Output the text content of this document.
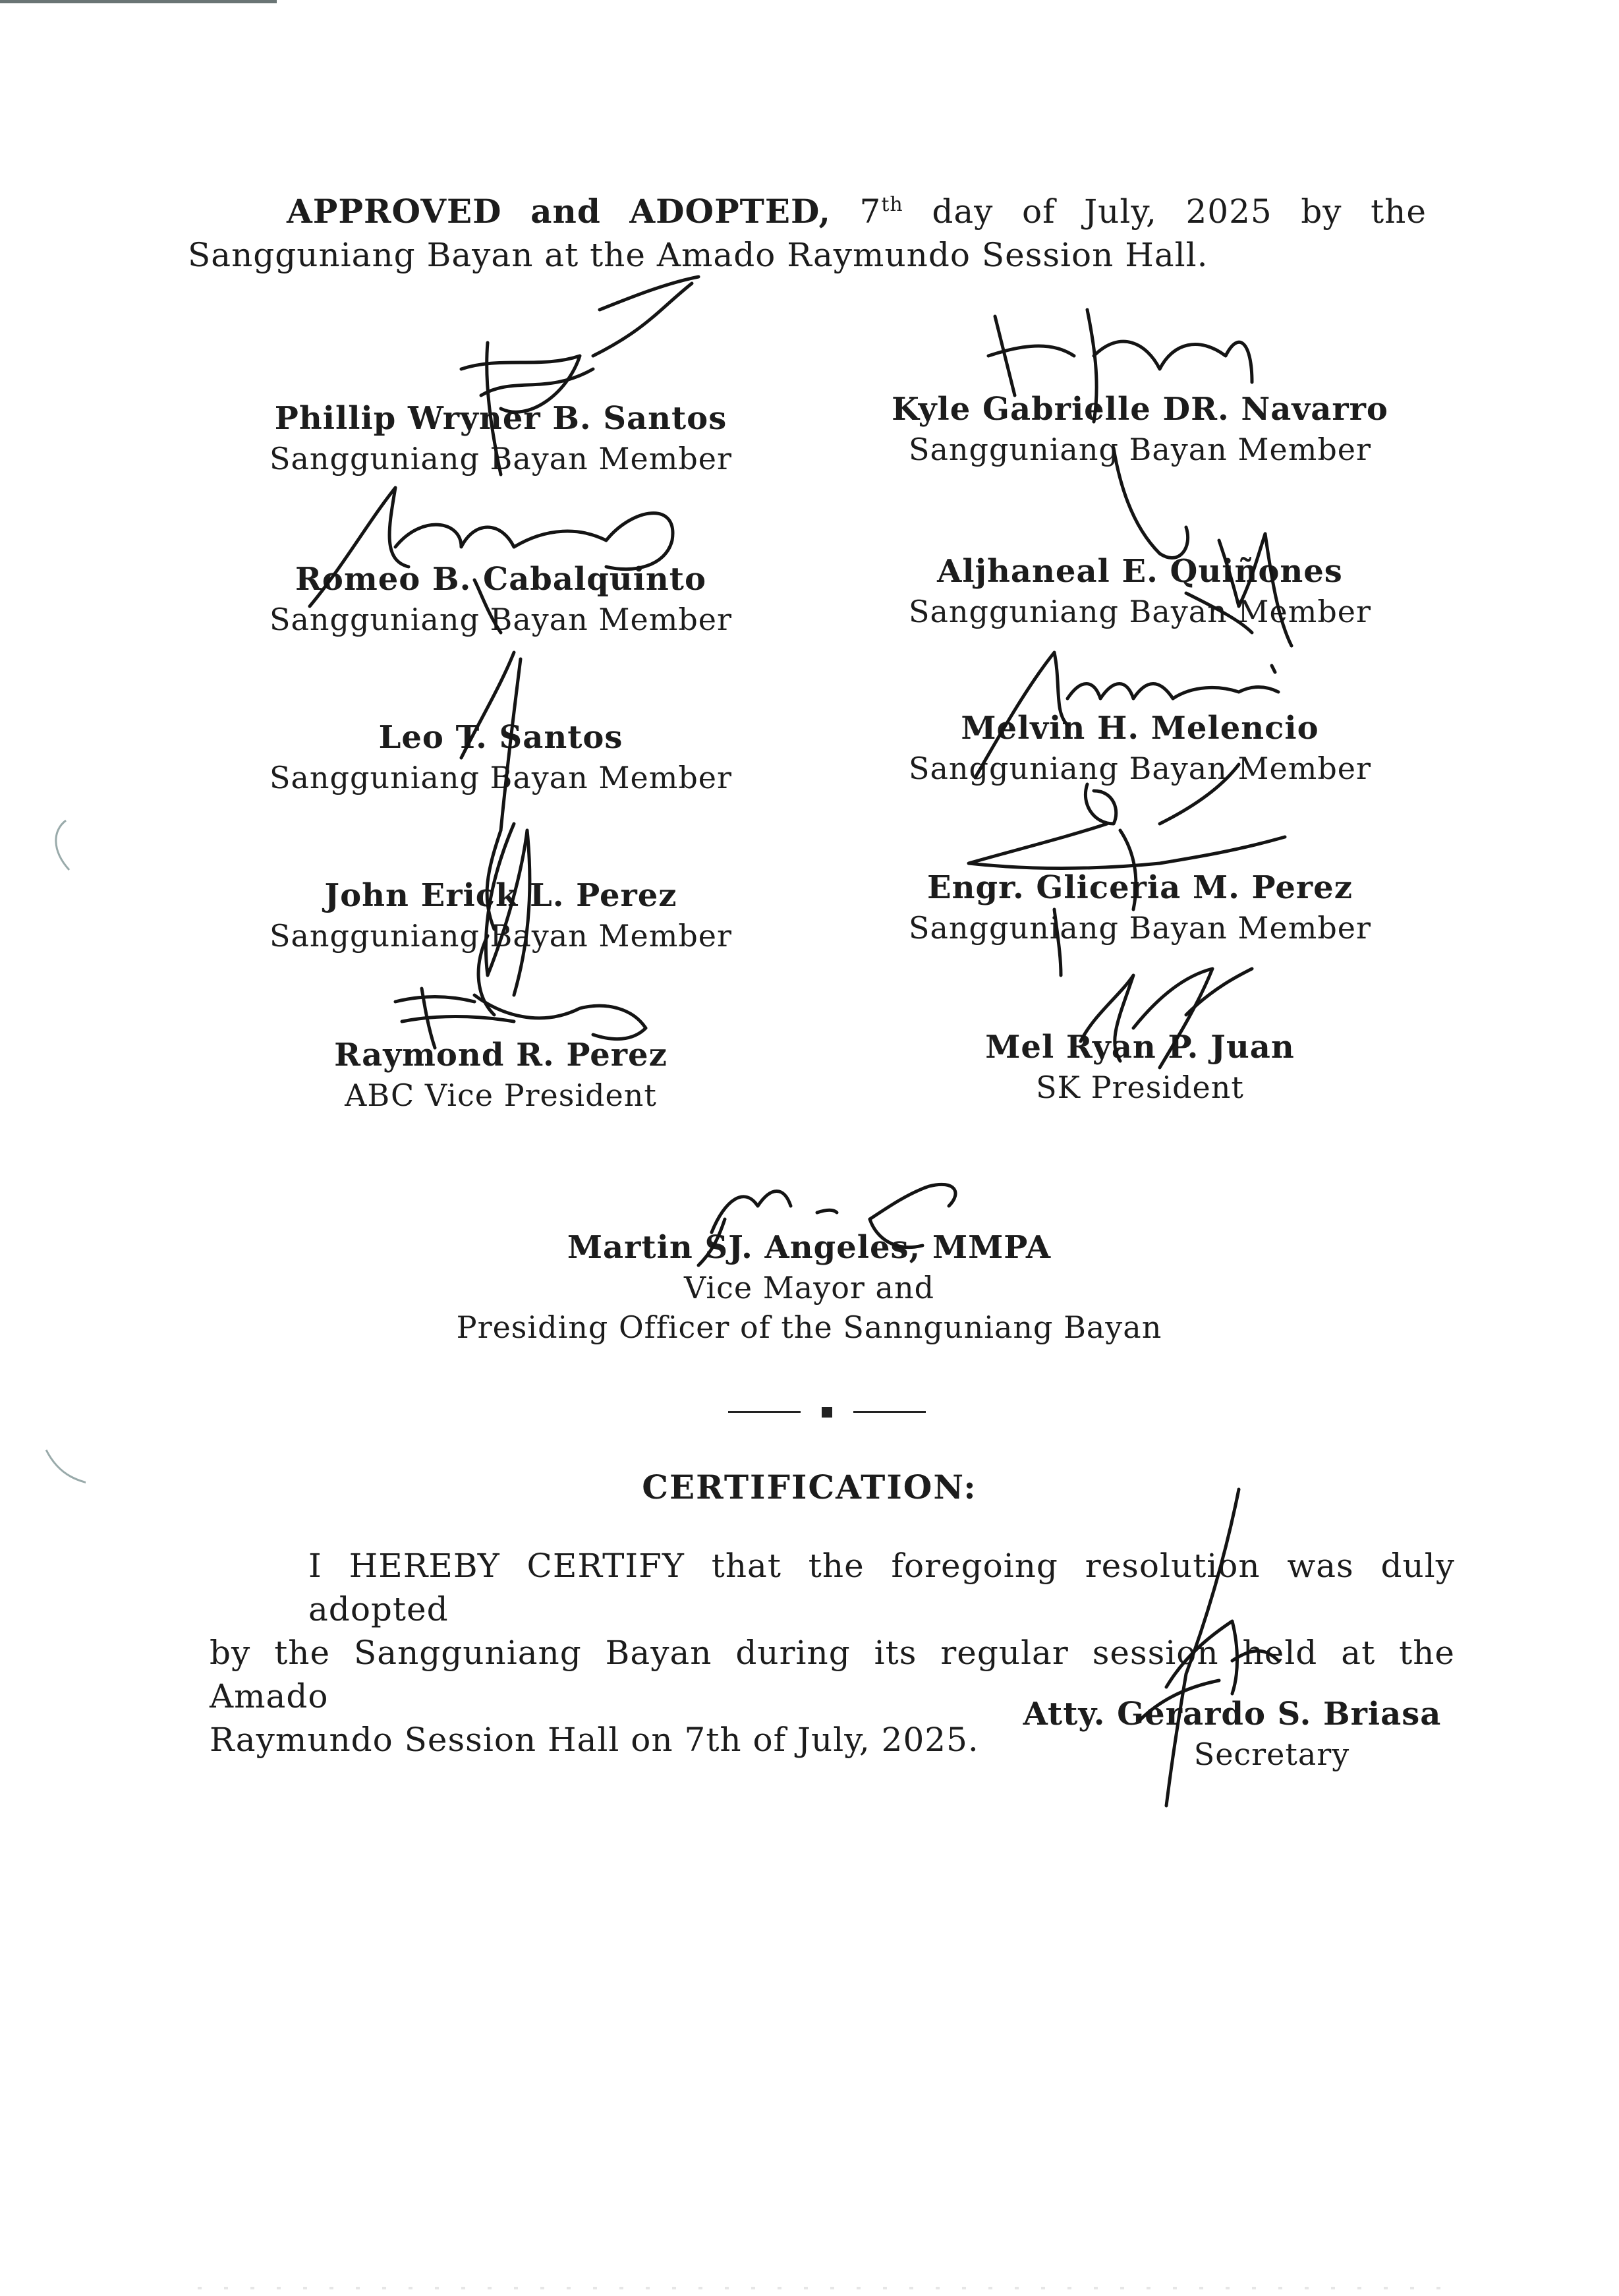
APPROVED and ADOPTED, 7th day of July, 2025 by the
Sangguniang Bayan at the Amado Raymundo Session Hall.
Phillip Wryner B. Santos
Sangguniang Bayan Member
Romeo B. Cabalquinto
Sangguniang Bayan Member
Leo T. Santos
Sangguniang Bayan Member
John Erick L. Perez
Sangguniang Bayan Member
Raymond R. Perez
ABC Vice President
Kyle Gabrielle DR. Navarro
Sangguniang Bayan Member
Aljhaneal E. Quiñones
Sangguniang Bayan Member
Melvin H. Melencio
Sangguniang Bayan Member
Engr. Gliceria M. Perez
Sangguniang Bayan Member
Mel Ryan P. Juan
SK President
Martin SJ. Angeles, MMPA
Vice Mayor and
Presiding Officer of the Sannguniang Bayan
CERTIFICATION:
I HEREBY CERTIFY that the foregoing resolution was duly adopted
by the Sangguniang Bayan during its regular session held at the Amado
Raymundo Session Hall on 7th of July, 2025.
Atty. Gerardo S. Briasa
Secretary
